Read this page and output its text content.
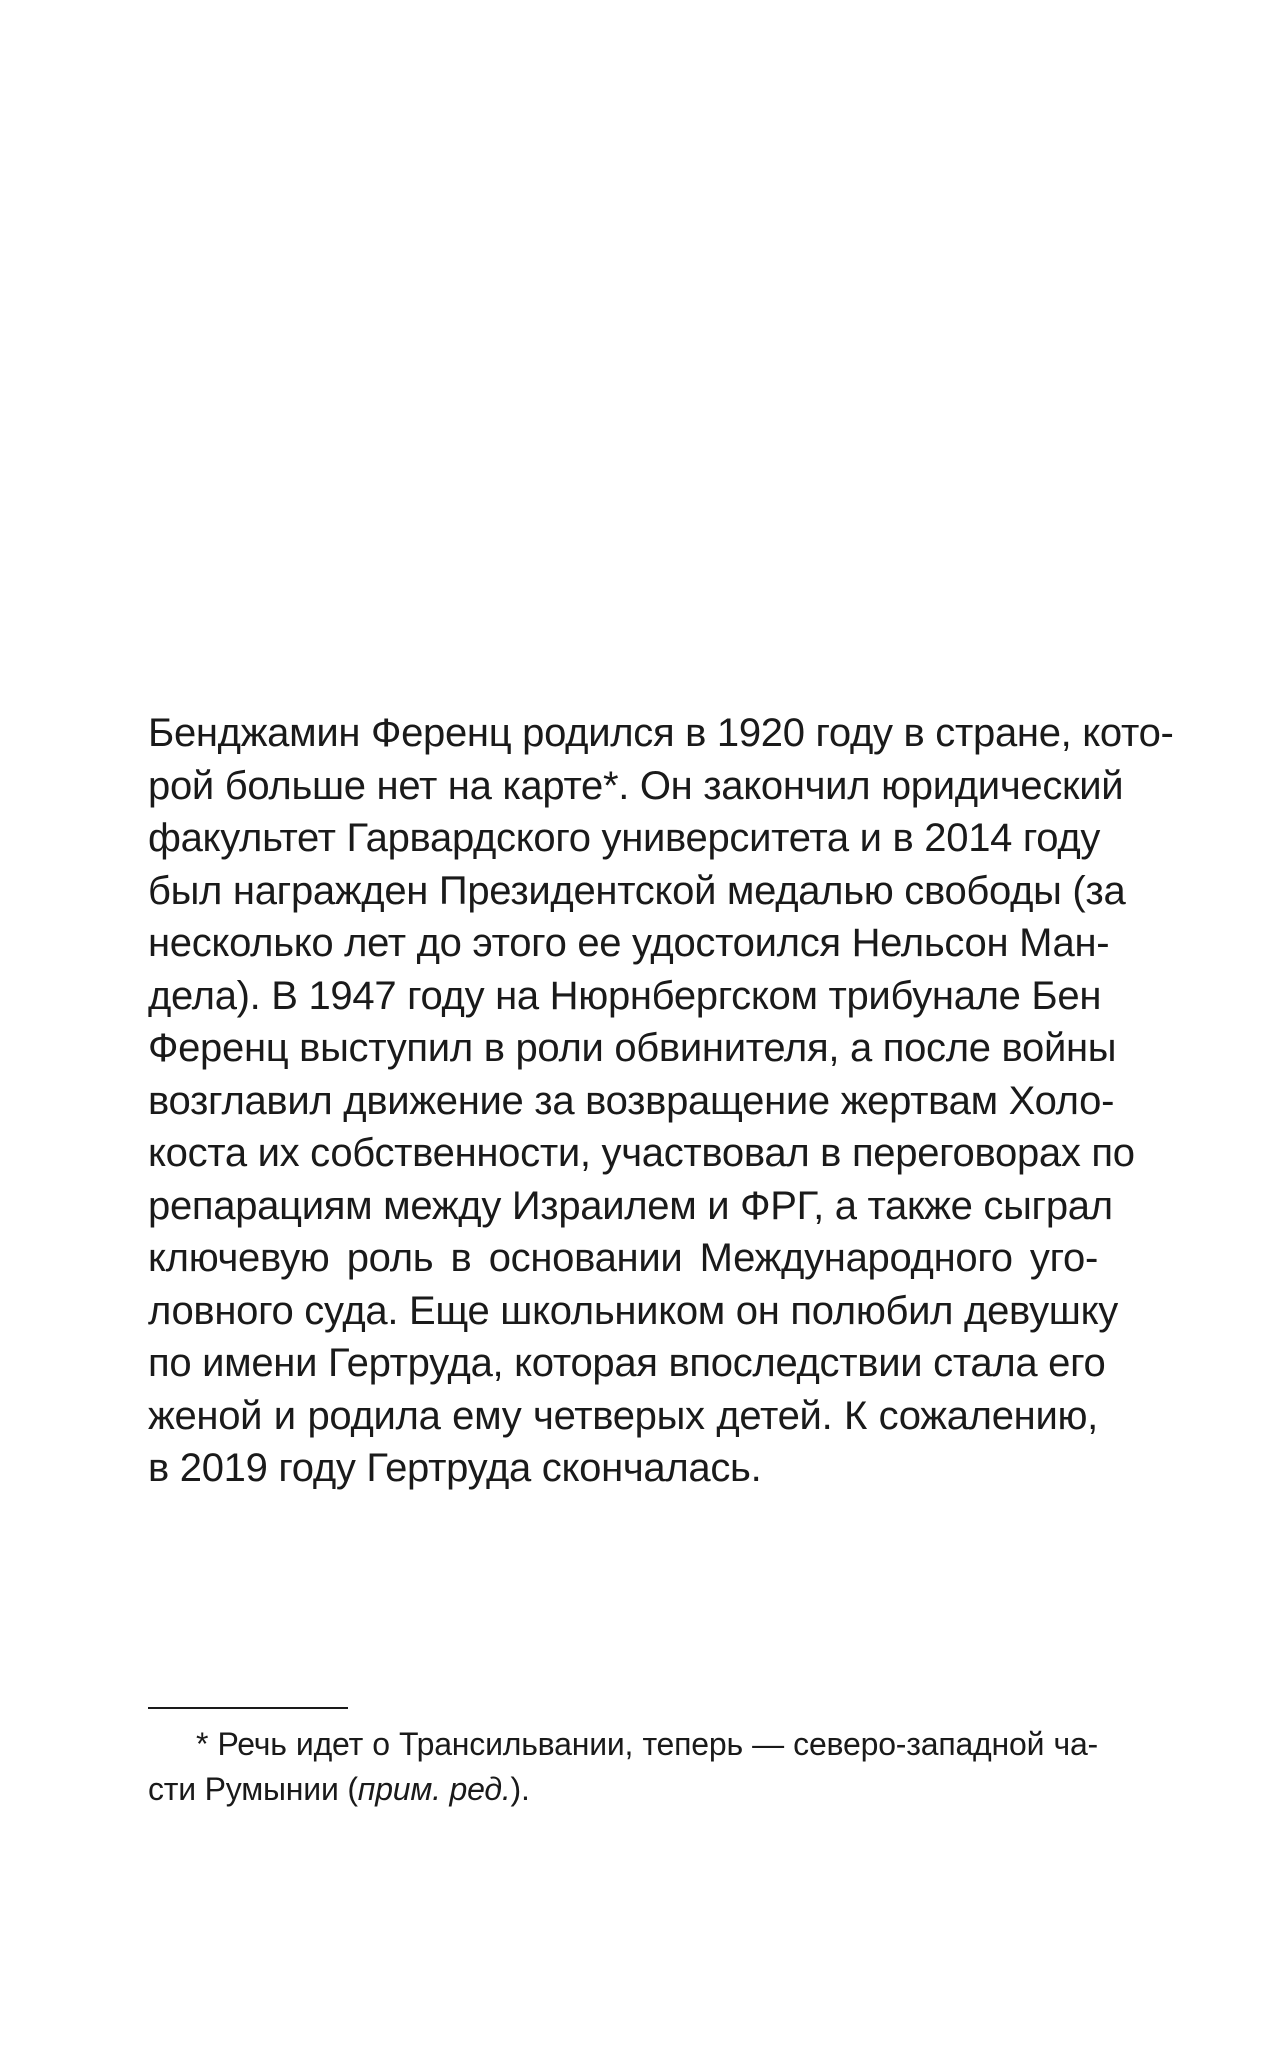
Бенджамин Ференц родился в 1920 году в стране, кото-
рой больше нет на карте*. Он закончил юридический
факультет Гарвардского университета и в 2014 году
был награжден Президентской медалью свободы (за
несколько лет до этого ее удостоился Нельсон Ман-
дела). В 1947 году на Нюрнбергском трибунале Бен
Ференц выступил в роли обвинителя, а после войны
возглавил движение за возвращение жертвам Холо-
коста их собственности, участвовал в переговорах по
репарациям между Израилем и ФРГ, а также сыграл
ключевую роль в основании Международного уго-
ловного суда. Еще школьником он полюбил девушку
по имени Гертруда, которая впоследствии стала его
женой и родила ему четверых детей. К сожалению,
в 2019 году Гертруда скончалась.
* Речь идет о Трансильвании, теперь — северо-западной ча-
сти Румынии (прим. ред.).
